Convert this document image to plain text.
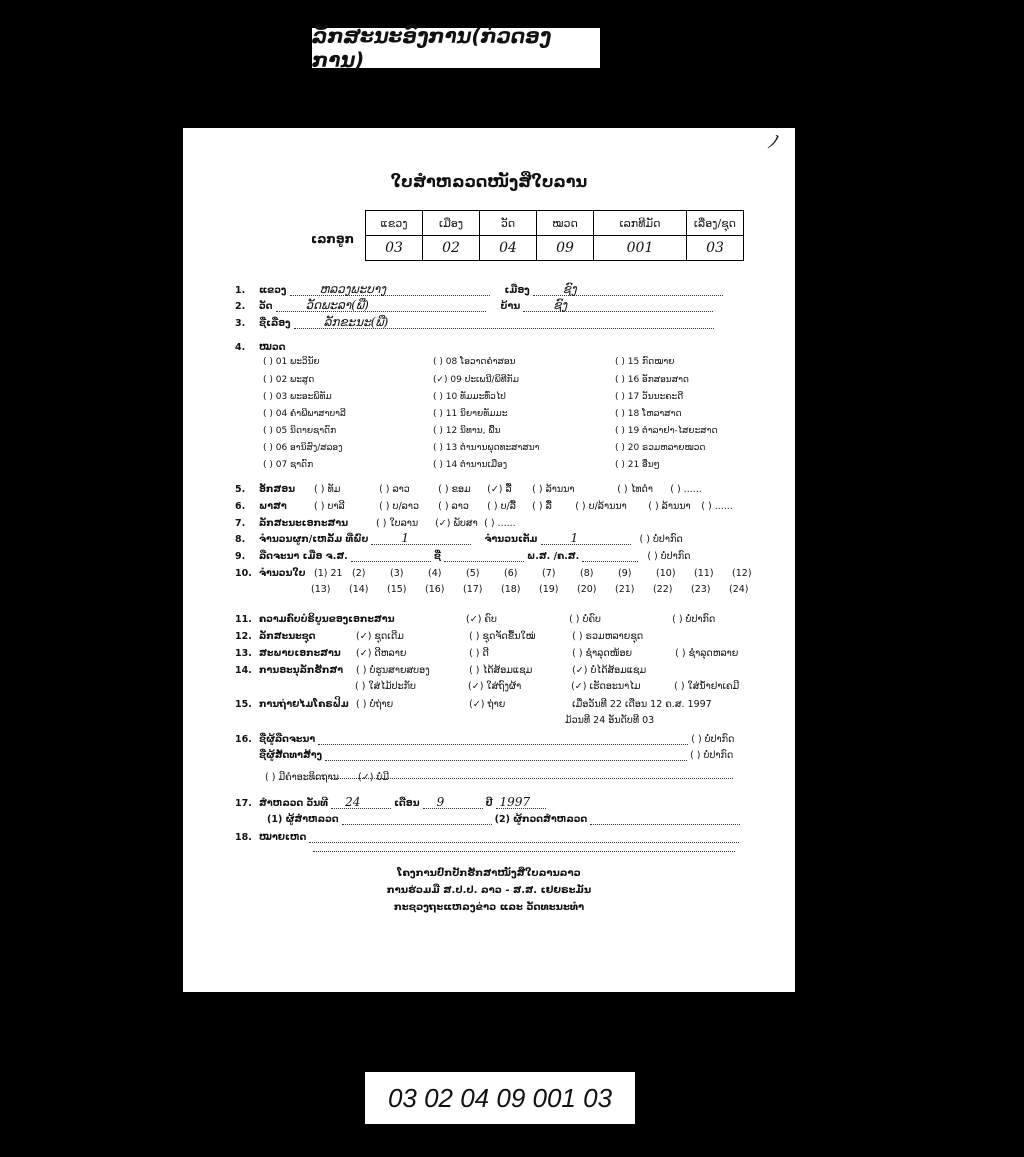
ລັກສະນະອົງການ(ກ່ວດອງການ)
ノ
ໃບສຳຫລວດໜັງສືໃບລານ
ເລກອູກ
ແຂວງ	ເມືອງ	ວັດ	ໝວດ	ເລກທີມັດ	ເລື່ອງ/ຊຸດ
03	02	04	09	001	03
1. ແຂວງ	ຫລວງພະບາງ	ເມືອງ	ຊົງ
2. ວັດ	ວັດພະລາ(ພື)	ບ້ານ	ຊົງ
3. ຊື່ເລື່ອງ	ລັກຂະນະ(ພື)
4. ໝວດ
( ) 01 ພະວິນັຍ
( ) 02 ພະສູດ
( ) 03 ພະອະພິທັມ
( ) 04 ຄຳພີພາສາບາລີ
( ) 05 ນິດາຍຊາດົກ
( ) 06 ອານິສົງ/ສລອງ
( ) 07 ຊາດົກ
( ) 08 ໂອວາດຄຳສອນ
(✓) 09 ປະເພນີ/ພິທີກັມ
( ) 10 ທັມມະທົ່ວໄປ
( ) 11 ນິຍາຍທັມມະ
( ) 12 ນິທານ, ພື້ນ
( ) 13 ຕຳນານພຸດທະສາສນາ
( ) 14 ຕຳນານເມືອງ
( ) 15 ກົດໝາຍ
( ) 16 ອັກສອນສາດ
( ) 17 ວັນນະຄະດີ
( ) 18 ໂຫລາສາດ
( ) 19 ຕຳລາຢາ-ໄສຍະສາດ
( ) 20 ຣວມຫລາຍໝວດ
( ) 21 ອື່ນໆ
5. ອັກສອນ ( ) ທັມ	( ) ລາວ	( ) ຂອມ (✓) ລື້ ( ) ລ້ານນາ	( ) ໄທດຳ ( ) ......
6. ພາສາ	( ) ບາລີ	( ) ບ/ລາວ ( ) ລາວ ( ) ບ/ລື້ ( ) ລື້ ( ) ບ/ລ້ານນາ ( ) ລ້ານນາ ( ) ......
7. ລັກສະນະເອກະສານ	( ) ໃບລານ (✓) ພັບສາ ( ) ......
8. ຈຳນວນຜູກ/ເຫລັ້ມ ທີ່ພົບ	1	ຈຳນວນເຕັມ	1	( ) ບໍ່ປາກົດ
9. ລືດຈະນາ ເມື່ອ ຈ.ສ.	ຊື່	ພ.ສ. /ຄ.ສ.	( ) ບໍ່ປາກົດ
10. ຈຳນວນໃບ (1) 21 (2)	(3)	(4)	(5)	(6)	(7)	(8)	(9)	(10) (11) (12)
(13) (14) (15) (16) (17) (18) (19) (20) (21) (22) (23) (24)
11. ຄວາມຄົບບໍຣິບູນຂອງເອກະສານ	(✓) ຄົບ	( ) ບໍ່ຄົບ	( ) ບໍ່ປາກົດ
12. ລັກສະນະຊຸດ	(✓) ຊຸດເດີມ	( ) ຊຸດຈັດຂື້ນໃໝ່	( ) ຣວມຫລາຍຊຸດ
13. ສະພາບເອກະສານ (✓) ດີຫລາຍ	( ) ດີ	( ) ຊຳລຸດໜ້ອຍ	( ) ຊຳລຸດຫລາຍ
14. ການອະນຸລັກຮັກສາ ( ) ບໍ່ຮູນສາຍສບອງ	( ) ໄດ້ສ້ອມແຊມ	(✓) ບໍ່ໄດ້ສ້ອມແຊມ
( ) ໃສ່ໄມ້ປະກັບ	(✓) ໃສ່ຖົງຜ້າ	(✓) ເຮັດອະນາໄມ	( ) ໃສ່ນ້ຳຢາເຄມີ
15. ການຖ່າຍໄມໂຄຣຟິມ ( ) ບໍ່ຖ່າຍ	(✓) ຖ່າຍ	ເມື່ອວັນທີ 22 ເດືອນ 12 ຄ.ສ. 1997
ມ້ວນທີ 24 ອັນດັບທີ 03
16. ຊື່ຜູ້ລືດຈະນາ	( ) ບໍ່ປາກົດ
ຊື່ຜູ້ສັດທາສ້າງ	( ) ບໍ່ປາກົດ
( ) ມີຄຳອະທິດຖານ (✓) ບໍ່ມີ
17. ສຳຫລວດ ວັນທີ 24	ເດືອນ 9	ປີ 1997
(1) ຜູ້ສຳຫລວດ	(2) ຜູ້ກວດສຳຫລວດ
18. ໝາຍເຫດ
ໂຄງການປົກປັກຮັກສາໜັງສືໃບລານລາວ
ການຮ່ວມມື ສ.ປ.ປ. ລາວ - ສ.ສ. ເຢຍຣະມັນ
ກະຊວງຖະແຫລງຂ່າວ ແລະ ວັດທະນະທຳ
03 02 04 09 001 03
